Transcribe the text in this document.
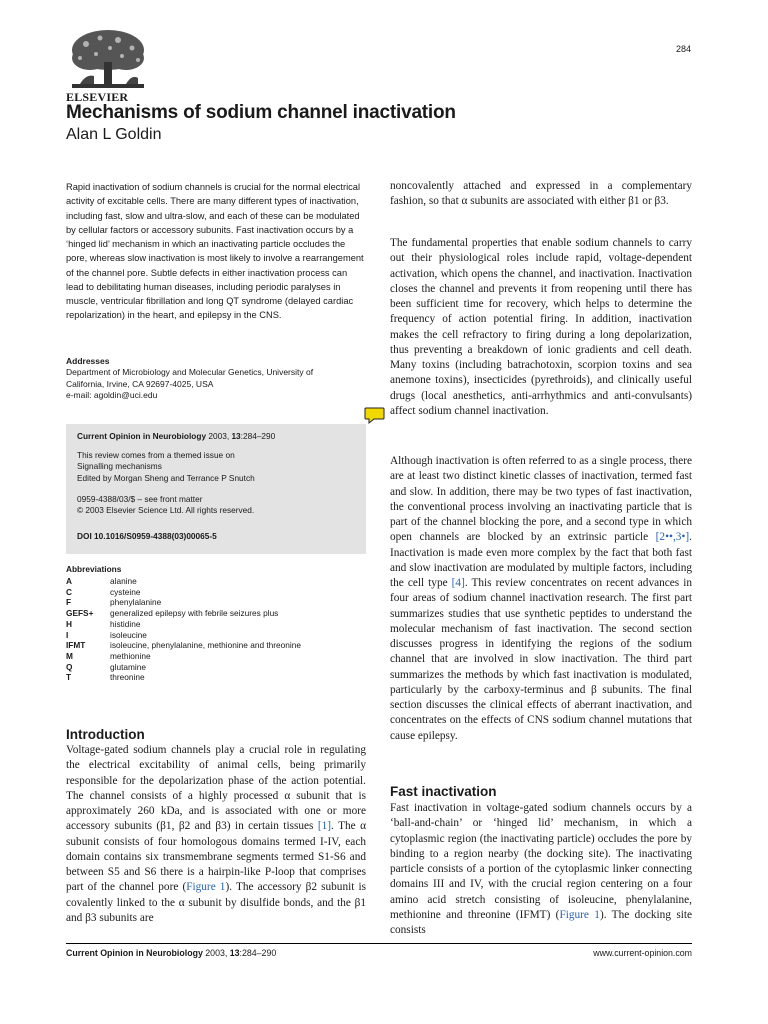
ELSEVIER
284
Mechanisms of sodium channel inactivation
Alan L Goldin
Rapid inactivation of sodium channels is crucial for the normal electrical activity of excitable cells. There are many different types of inactivation, including fast, slow and ultra-slow, and each of these can be modulated by cellular factors or accessory subunits. Fast inactivation occurs by a ‘hinged lid’ mechanism in which an inactivating particle occludes the pore, whereas slow inactivation is most likely to involve a rearrangement of the channel pore. Subtle defects in either inactivation process can lead to debilitating human diseases, including periodic paralyses in muscle, ventricular fibrillation and long QT syndrome (delayed cardiac repolarization) in the heart, and epilepsy in the CNS.
Addresses
Department of Microbiology and Molecular Genetics, University of
California, Irvine, CA 92697-4025, USA
e-mail: agoldin@uci.edu
Current Opinion in Neurobiology 2003, 13:284–290
This review comes from a themed issue on
Signalling mechanisms
Edited by Morgan Sheng and Terrance P Snutch
0959-4388/03/$ – see front matter
© 2003 Elsevier Science Ltd. All rights reserved.
DOI 10.1016/S0959-4388(03)00065-5
Abbreviations
A	alanine
C	cysteine
F	phenylalanine
GEFS+	generalized epilepsy with febrile seizures plus
H	histidine
I	isoleucine
IFMT	isoleucine, phenylalanine, methionine and threonine
M	methionine
Q	glutamine
T	threonine
Introduction
Voltage-gated sodium channels play a crucial role in regulating the electrical excitability of animal cells, being primarily responsible for the depolarization phase of the action potential. The channel consists of a highly processed α subunit that is approximately 260 kDa, and is associated with one or more accessory subunits (β1, β2 and β3) in certain tissues [1]. The α subunit consists of four homologous domains termed I-IV, each domain contains six transmembrane segments termed S1-S6 and between S5 and S6 there is a hairpin-like P-loop that comprises part of the channel pore (Figure 1). The accessory β2 subunit is covalently linked to the α subunit by disulfide bonds, and the β1 and β3 subunits are
noncovalently attached and expressed in a complementary fashion, so that α subunits are associated with either β1 or β3.
The fundamental properties that enable sodium channels to carry out their physiological roles include rapid, voltage-dependent activation, which opens the channel, and inactivation. Inactivation closes the channel and prevents it from reopening until there has been sufficient time for recovery, which helps to determine the frequency of action potential firing. In addition, inactivation makes the cell refractory to firing during a long depolarization, thus preventing a breakdown of ionic gradients and cell death. Many toxins (including batrachotoxin, scorpion toxins and sea anemone toxins), insecticides (pyrethroids), and clinically useful drugs (local anesthetics, anti-arrhythmics and anti-convulsants) affect sodium channel inactivation.
Although inactivation is often referred to as a single process, there are at least two distinct kinetic classes of inactivation, termed fast and slow. In addition, there may be two types of fast inactivation, the conventional process involving an inactivating particle that is part of the channel blocking the pore, and a second type in which open channels are blocked by an extrinsic particle [2••,3•]. Inactivation is made even more complex by the fact that both fast and slow inactivation are modulated by multiple factors, including the cell type [4]. This review concentrates on recent advances in four areas of sodium channel inactivation research. The first part summarizes studies that use synthetic peptides to understand the molecular mechanism of fast inactivation. The second section discusses progress in identifying the regions of the sodium channel that are involved in slow inactivation. The third part summarizes the methods by which fast inactivation is modulated, particularly by the carboxy-terminus and β subunits. The final section discusses the clinical effects of aberrant inactivation, and concentrates on the effects of CNS sodium channel mutations that cause epilepsy.
Fast inactivation
Fast inactivation in voltage-gated sodium channels occurs by a ‘ball-and-chain’ or ‘hinged lid’ mechanism, in which a cytoplasmic region (the inactivating particle) occludes the pore by binding to a region nearby (the docking site). The inactivating particle consists of a portion of the cytoplasmic linker connecting domains III and IV, with the crucial region centering on a four amino acid stretch consisting of isoleucine, phenylalanine, methionine and threonine (IFMT) (Figure 1). The docking site consists
Current Opinion in Neurobiology 2003, 13:284–290	www.current-opinion.com
